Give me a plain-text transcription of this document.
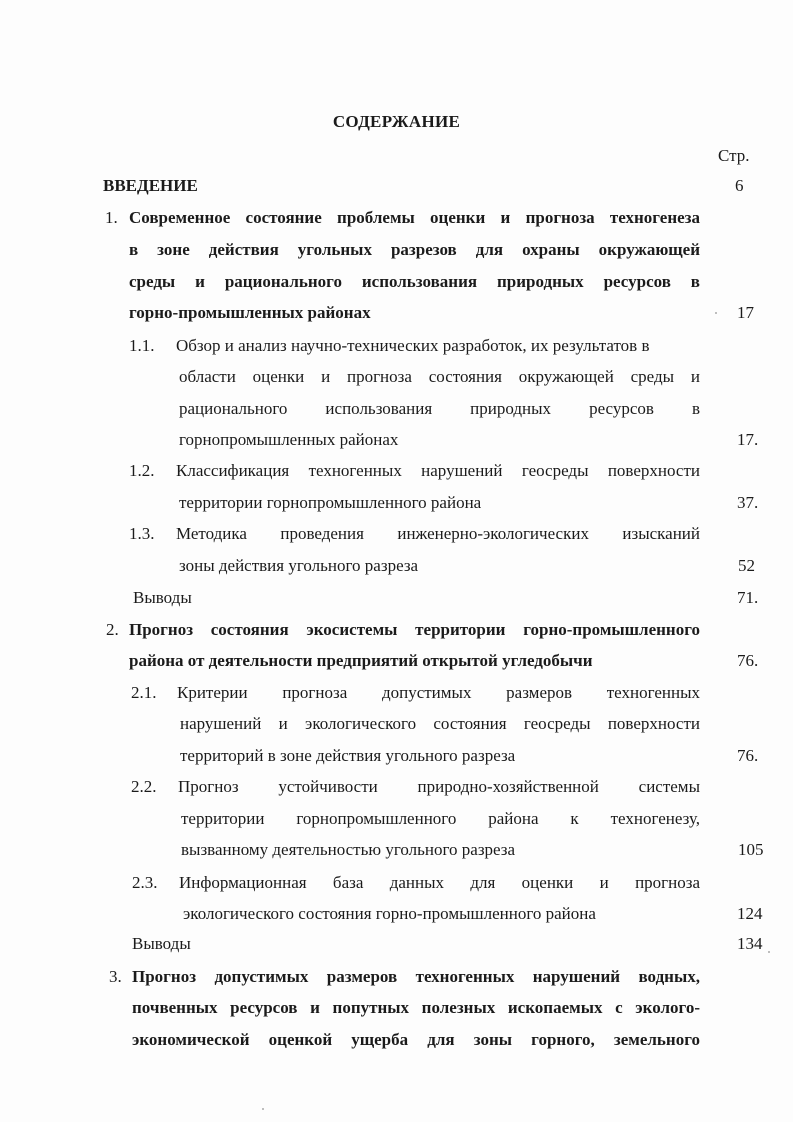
СОДЕРЖАНИЕ
Стр.
ВВЕДЕНИЕ	6
1. Современное состояние проблемы оценки и прогноза техногенеза
в зоне действия угольных разрезов для охраны окружающей
среды и рационального использования природных ресурсов в
горно-промышленных районах	17
1.1. Обзор и анализ научно-технических разработок, их результатов в
области оценки и прогноза состояния окружающей среды и
рационального использования природных ресурсов в
горнопромышленных районах	17.
1.2. Классификация техногенных нарушений геосреды поверхности
территории горнопромышленного района	37.
1.3. Методика проведения инженерно-экологических изысканий
зоны действия угольного разреза	52
Выводы	71.
2. Прогноз состояния экосистемы территории горно-промышленного
района от деятельности предприятий открытой угледобычи	76.
2.1. Критерии прогноза допустимых размеров техногенных
нарушений и экологического состояния геосреды поверхности
территорий в зоне действия угольного разреза	76.
2.2. Прогноз устойчивости природно-хозяйственной системы
территории горнопромышленного района к техногенезу,
вызванному деятельностью угольного разреза	105
2.3. Информационная база данных для оценки и прогноза
экологического состояния горно-промышленного района	124
Выводы	134
3. Прогноз допустимых размеров техногенных нарушений водных,
почвенных ресурсов и попутных полезных ископаемых с эколого-
экономической оценкой ущерба для зоны горного, земельного
